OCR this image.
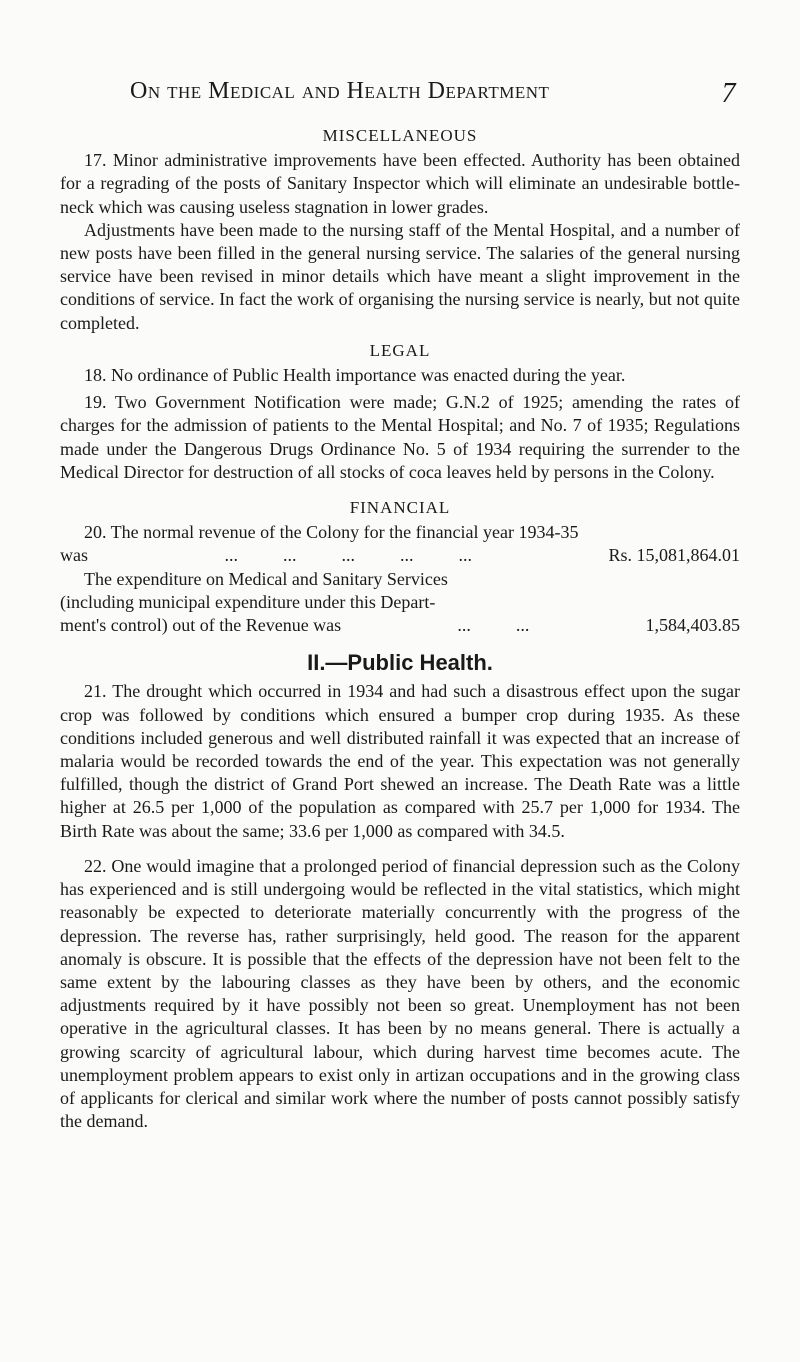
On the Medical and Health Department	7
MISCELLANEOUS

17. Minor administrative improvements have been effected. Authority has been obtained for a regrading of the posts of Sanitary Inspector which will eliminate an undesirable bottle-neck which was causing useless stagnation in lower grades.

Adjustments have been made to the nursing staff of the Mental Hospital, and a number of new posts have been filled in the general nursing service. The salaries of the general nursing service have been revised in minor details which have meant a slight improvement in the conditions of service. In fact the work of organising the nursing service is nearly, but not quite completed.

LEGAL

18. No ordinance of Public Health importance was enacted during the year.

19. Two Government Notification were made; G.N.2 of 1925; amending the rates of charges for the admission of patients to the Mental Hospital; and No. 7 of 1935; Regulations made under the Dangerous Drugs Ordinance No. 5 of 1934 requiring the surrender to the Medical Director for destruction of all stocks of coca leaves held by persons in the Colony.

FINANCIAL

20. The normal revenue of the Colony for the financial year 1934-35

was	...          ...          ...          ...          ...	Rs. 15,081,864.01
The expenditure on Medical and Sanitary Services
(including municipal expenditure under this Depart-
ment's control) out of the Revenue was	...          ...	1,584,403.85
II.—Public Health.

21. The drought which occurred in 1934 and had such a disastrous effect upon the sugar crop was followed by conditions which ensured a bumper crop during 1935. As these conditions included generous and well distributed rainfall it was expected that an increase of malaria would be recorded towards the end of the year. This expectation was not generally fulfilled, though the district of Grand Port shewed an increase. The Death Rate was a little higher at 26.5 per 1,000 of the population as compared with 25.7 per 1,000 for 1934. The Birth Rate was about the same; 33.6 per 1,000 as compared with 34.5.

22. One would imagine that a prolonged period of financial depression such as the Colony has experienced and is still undergoing would be reflected in the vital statistics, which might reasonably be expected to deteriorate materially concurrently with the progress of the depression. The reverse has, rather surprisingly, held good. The reason for the apparent anomaly is obscure. It is possible that the effects of the depression have not been felt to the same extent by the labouring classes as they have been by others, and the economic adjustments required by it have possibly not been so great. Unemployment has not been operative in the agricultural classes. It has been by no means general. There is actually a growing scarcity of agricultural labour, which during harvest time becomes acute. The unemployment problem appears to exist only in artizan occupations and in the growing class of applicants for clerical and similar work where the number of posts cannot possibly satisfy the demand.
